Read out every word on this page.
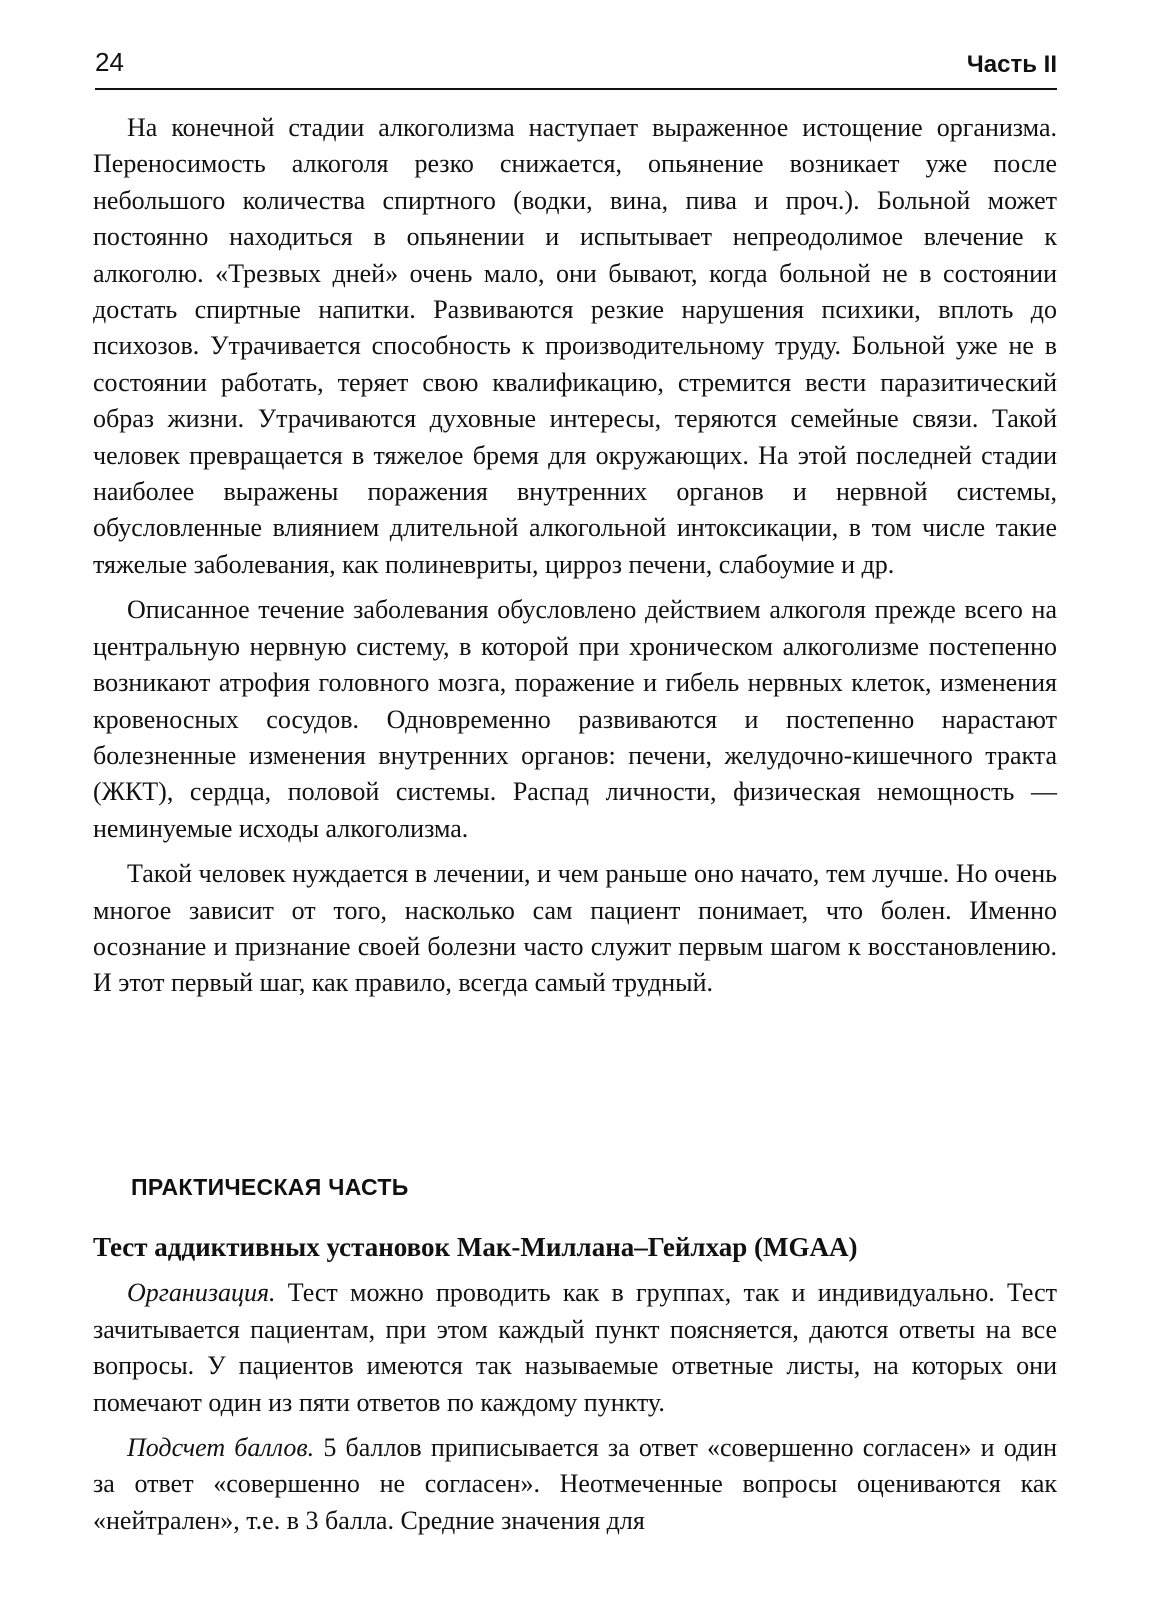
24	Часть II

На конечной стадии алкоголизма наступает выраженное истощение организма. Переносимость алкоголя резко снижается, опьянение возникает уже после небольшого количества спиртного (водки, вина, пива и проч.). Больной может постоянно находиться в опьянении и испытывает непреодолимое влечение к алкоголю. «Трезвых дней» очень мало, они бывают, когда больной не в состоянии достать спиртные напитки. Развиваются резкие нарушения психики, вплоть до психозов. Утрачивается способность к производительному труду. Больной уже не в состоянии работать, теряет свою квалификацию, стремится вести паразитический образ жизни. Утрачиваются духовные интересы, теряются семейные связи. Такой человек превращается в тяжелое бремя для окружающих. На этой последней стадии наиболее выражены поражения внутренних органов и нервной системы, обусловленные влиянием длительной алкогольной интоксикации, в том числе такие тяжелые заболевания, как полиневриты, цирроз печени, слабоумие и др.

Описанное течение заболевания обусловлено действием алкоголя прежде всего на центральную нервную систему, в которой при хроническом алкоголизме постепенно возникают атрофия головного мозга, поражение и гибель нервных клеток, изменения кровеносных сосудов. Одновременно развиваются и постепенно нарастают болезненные изменения внутренних органов: печени, желудочно-кишечного тракта (ЖКТ), сердца, половой системы. Распад личности, физическая немощность — неминуемые исходы алкоголизма.

Такой человек нуждается в лечении, и чем раньше оно начато, тем лучше. Но очень многое зависит от того, насколько сам пациент понимает, что болен. Именно осознание и признание своей болезни часто служит первым шагом к восстановлению. И этот первый шаг, как правило, всегда самый трудный.

ПРАКТИЧЕСКАЯ ЧАСТЬ
Тест аддиктивных установок Мак-Миллана–Гейлхар (MGAA)

Организация. Тест можно проводить как в группах, так и индивидуально. Тест зачитывается пациентам, при этом каждый пункт поясняется, даются ответы на все вопросы. У пациентов имеются так называемые ответные листы, на которых они помечают один из пяти ответов по каждому пункту.

Подсчет баллов. 5 баллов приписывается за ответ «совершенно согласен» и один за ответ «совершенно не согласен». Неотмеченные вопросы оцениваются как «нейтрален», т.е. в 3 балла. Средние значения для
